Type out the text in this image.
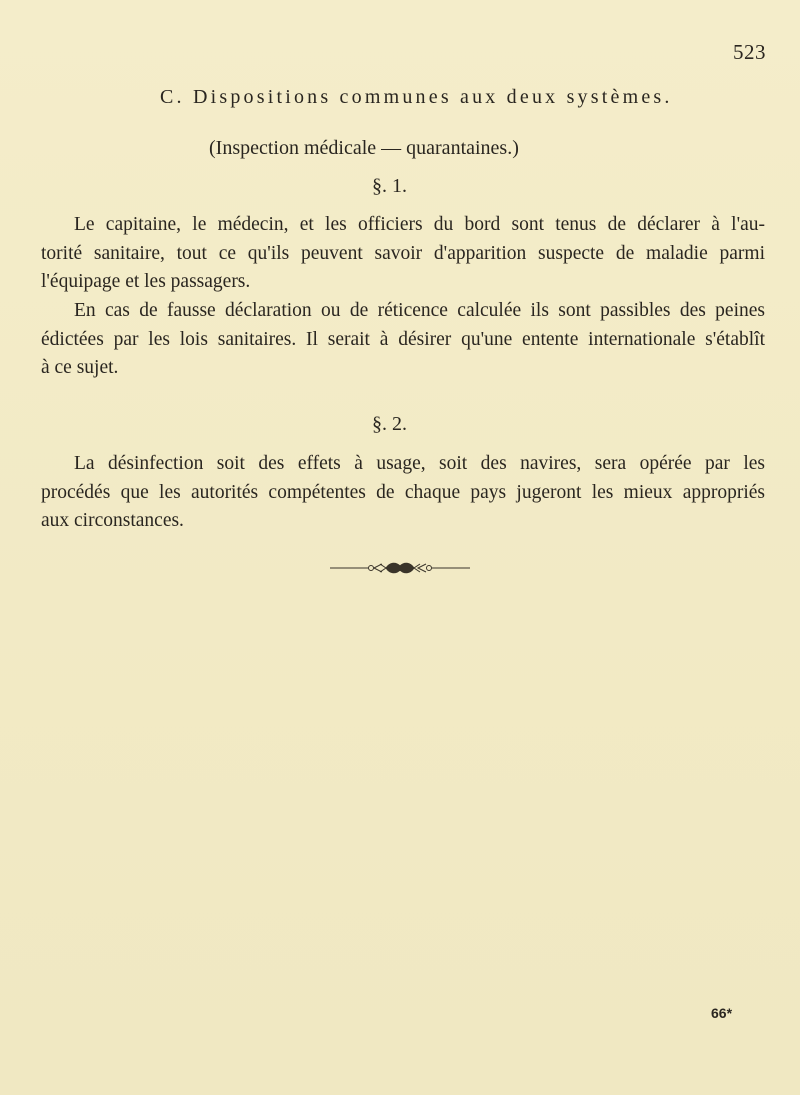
523
C. Dispositions communes aux deux systèmes.
(Inspection médicale — quarantaines.)
§. 1.
Le capitaine, le médecin, et les officiers du bord sont tenus de déclarer à l'au-
torité sanitaire, tout ce qu'ils peuvent savoir d'apparition suspecte de maladie parmi
l'équipage et les passagers.
En cas de fausse déclaration ou de réticence calculée ils sont passibles des peines
édictées par les lois sanitaires. Il serait à désirer qu'une entente internationale s'établît
à ce sujet.
§. 2.
La désinfection soit des effets à usage, soit des navires, sera opérée par les
procédés que les autorités compétentes de chaque pays jugeront les mieux appropriés
aux circonstances.
66*
